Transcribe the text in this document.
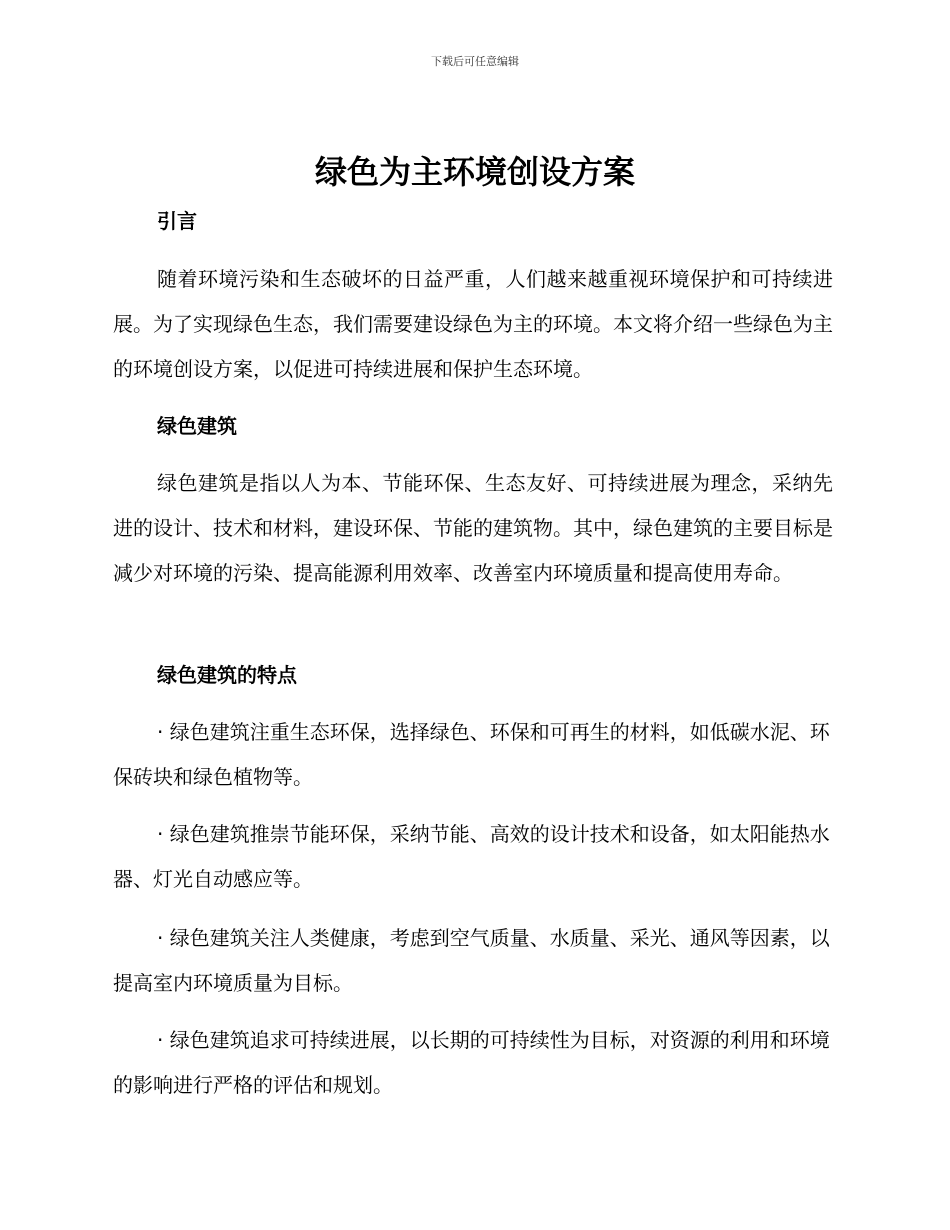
下载后可任意编辑
绿色为主环境创设方案
引言

随着环境污染和生态破坏的日益严重，人们越来越重视环境保护和可持续进展。为了实现绿色生态，我们需要建设绿色为主的环境。本文将介绍一些绿色为主的环境创设方案，以促进可持续进展和保护生态环境。

绿色建筑

绿色建筑是指以人为本、节能环保、生态友好、可持续进展为理念，采纳先进的设计、技术和材料，建设环保、节能的建筑物。其中，绿色建筑的主要目标是减少对环境的污染、提高能源利用效率、改善室内环境质量和提高使用寿命。

绿色建筑的特点

· 绿色建筑注重生态环保，选择绿色、环保和可再生的材料，如低碳水泥、环保砖块和绿色植物等。

· 绿色建筑推崇节能环保，采纳节能、高效的设计技术和设备，如太阳能热水器、灯光自动感应等。

· 绿色建筑关注人类健康，考虑到空气质量、水质量、采光、通风等因素，以提高室内环境质量为目标。

· 绿色建筑追求可持续进展，以长期的可持续性为目标，对资源的利用和环境的影响进行严格的评估和规划。
